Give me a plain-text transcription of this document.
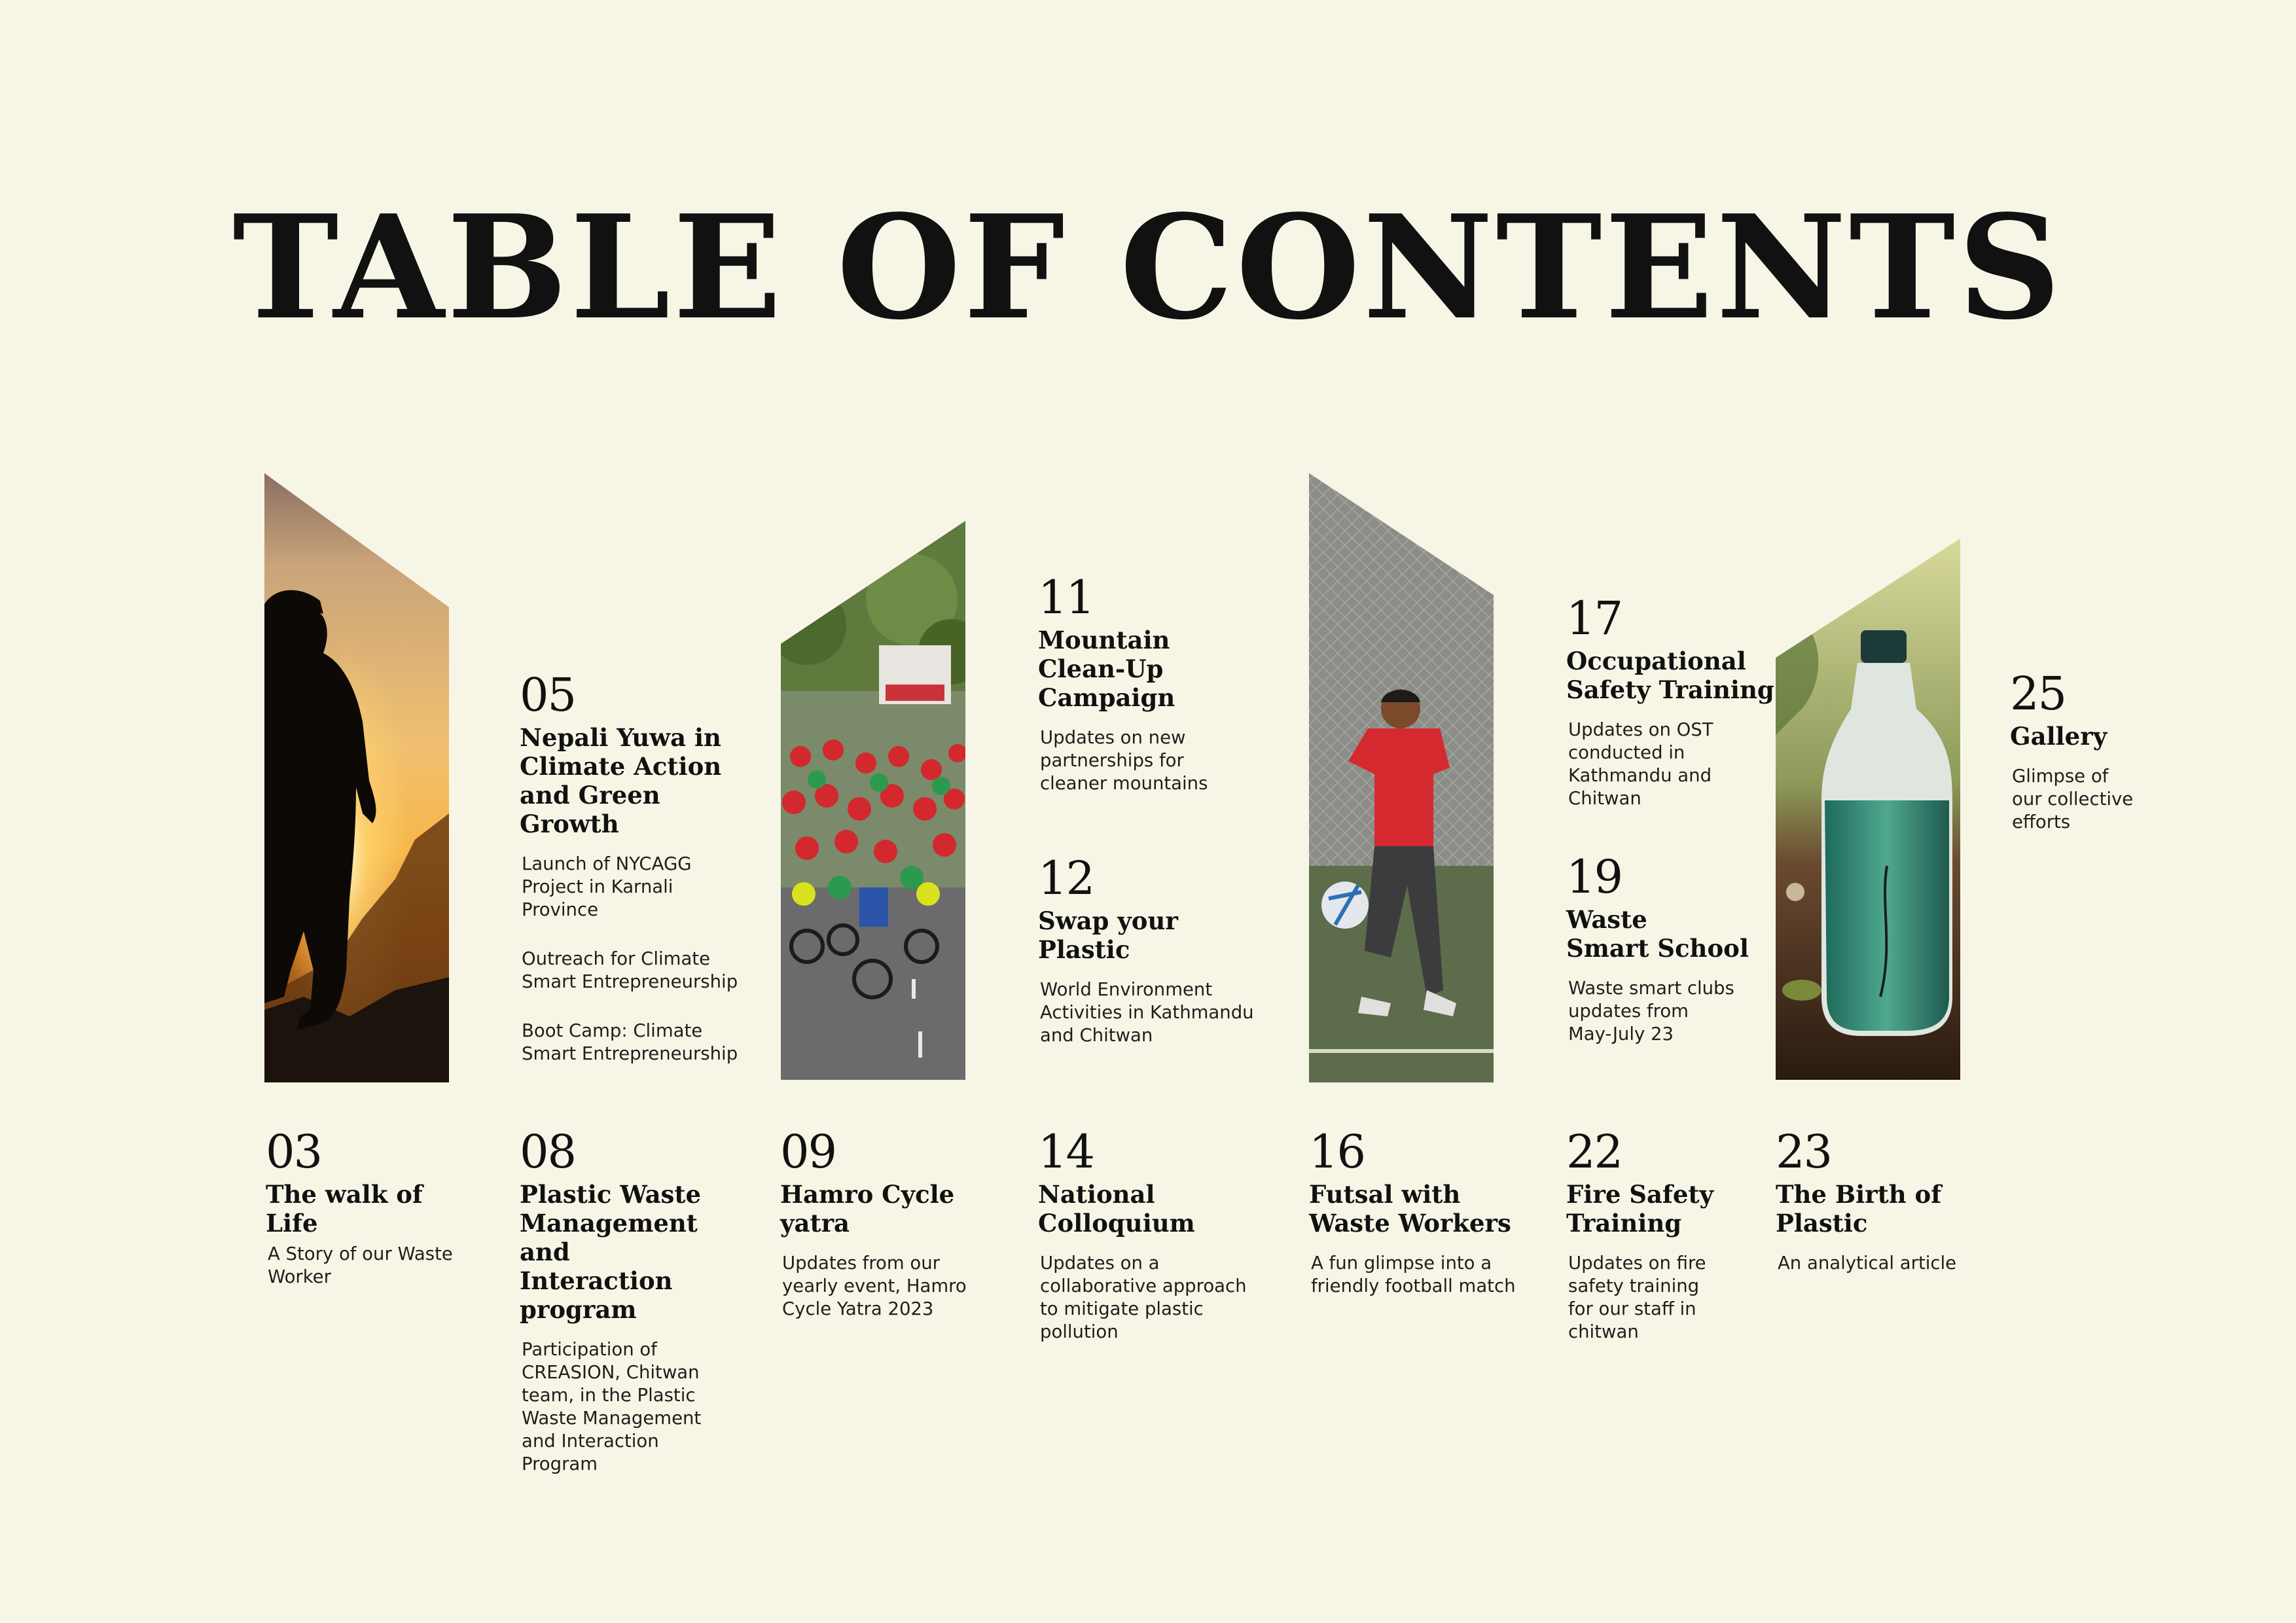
TABLE OF CONTENTS
03
The walk of Life
A Story of our Waste
Worker
05
Nepali Yuwa in
Climate Action
and Green Growth
Launch of NYCAGG
Project in Karnali
Province
Outreach for Climate
Smart Entrepreneurship
Boot Camp: Climate
Smart Entrepreneurship
08
Plastic Waste
Management and
Interaction
program
Participation of
CREASION, Chitwan
team, in the Plastic
Waste Management
and Interaction
Program
09
Hamro Cycle
yatra
Updates from our
yearly event, Hamro
Cycle Yatra 2023
11
Mountain
Clean-Up
Campaign
Updates on new
partnerships for
cleaner mountains
12
Swap your
Plastic
World Environment
Activities in Kathmandu
and Chitwan
14
National
Colloquium
Updates on a
collaborative approach
to mitigate plastic
pollution
16
Futsal with
Waste Workers
A fun glimpse into a
friendly football match
17
Occupational
Safety Training
Updates on OST
conducted in
Kathmandu and
Chitwan
19
Waste
Smart School
Waste smart clubs
updates from
May-July 23
22
Fire Safety
Training
Updates on fire
safety training
for our staff in
chitwan
23
The Birth of
Plastic
An analytical article
25
Gallery
Glimpse of
our collective
efforts
